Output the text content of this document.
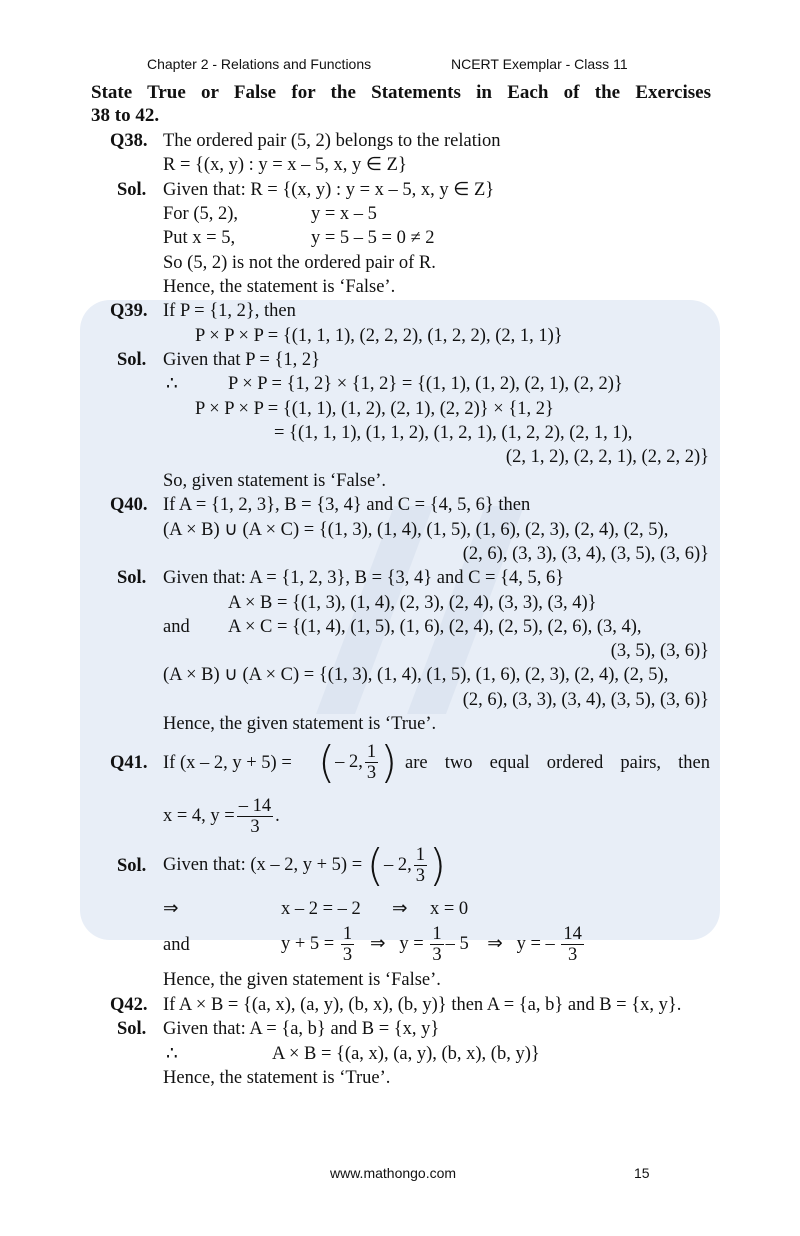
Chapter 2 - Relations and Functions	NCERT Exemplar - Class 11
State True or False for the Statements in Each of the Exercises
38 to 42.
Q38. The ordered pair (5, 2) belongs to the relation
R = {(x, y) : y = x – 5, x, y ∈ Z}
Sol. Given that: R = {(x, y) : y = x – 5, x, y ∈ Z}
For (5, 2),	y = x – 5
Put x = 5,	y = 5 – 5 = 0 ≠ 2
So (5, 2) is not the ordered pair of R.
Hence, the statement is ‘False’.
Q39. If P = {1, 2}, then
P × P × P = {(1, 1, 1), (2, 2, 2), (1, 2, 2), (2, 1, 1)}
Sol. Given that P = {1, 2}
∴	P × P = {1, 2} × {1, 2} = {(1, 1), (1, 2), (2, 1), (2, 2)}
P × P × P = {(1, 1), (1, 2), (2, 1), (2, 2)} × {1, 2}
= {(1, 1, 1), (1, 1, 2), (1, 2, 1), (1, 2, 2), (2, 1, 1),
(2, 1, 2), (2, 2, 1), (2, 2, 2)}
So, given statement is ‘False’.
Q40. If A = {1, 2, 3}, B = {3, 4} and C = {4, 5, 6} then
(A × B) ∪ (A × C) = {(1, 3), (1, 4), (1, 5), (1, 6), (2, 3), (2, 4), (2, 5),
(2, 6), (3, 3), (3, 4), (3, 5), (3, 6)}
Sol. Given that: A = {1, 2, 3}, B = {3, 4} and C = {4, 5, 6}
A × B = {(1, 3), (1, 4), (2, 3), (2, 4), (3, 3), (3, 4)}
and A × C = {(1, 4), (1, 5), (1, 6), (2, 4), (2, 5), (2, 6), (3, 4),
(3, 5), (3, 6)}
(A × B) ∪ (A × C) = {(1, 3), (1, 4), (1, 5), (1, 6), (2, 3), (2, 4), (2, 5),
(2, 6), (3, 3), (3, 4), (3, 5), (3, 6)}
Hence, the given statement is ‘True’.
Q41. If (x – 2, y + 5) = (– 2, $\frac{1}{3}$ ) are two equal ordered pairs, then
x = 4, $y = \frac{- 14}{3}$ .
Sol. Given that: (x – 2, y + 5) = (– 2, $\frac{1}{3}$ )
⇒	x – 2 = – 2 ⇒ x = 0
and	$y + 5 = \frac{1}{3}$ ⇒ $y = \frac{1}{3} - 5$ ⇒ y = – $\frac{14}{3}$
Hence, the given statement is ‘False’.
Q42. If A × B = {(a, x), (a, y), (b, x), (b, y)} then A = {a, b} and B = {x, y}.
Sol. Given that: A = {a, b} and B = {x, y}
∴	A × B = {(a, x), (a, y), (b, x), (b, y)}
Hence, the statement is ‘True’.
www.mathongo.com	15
